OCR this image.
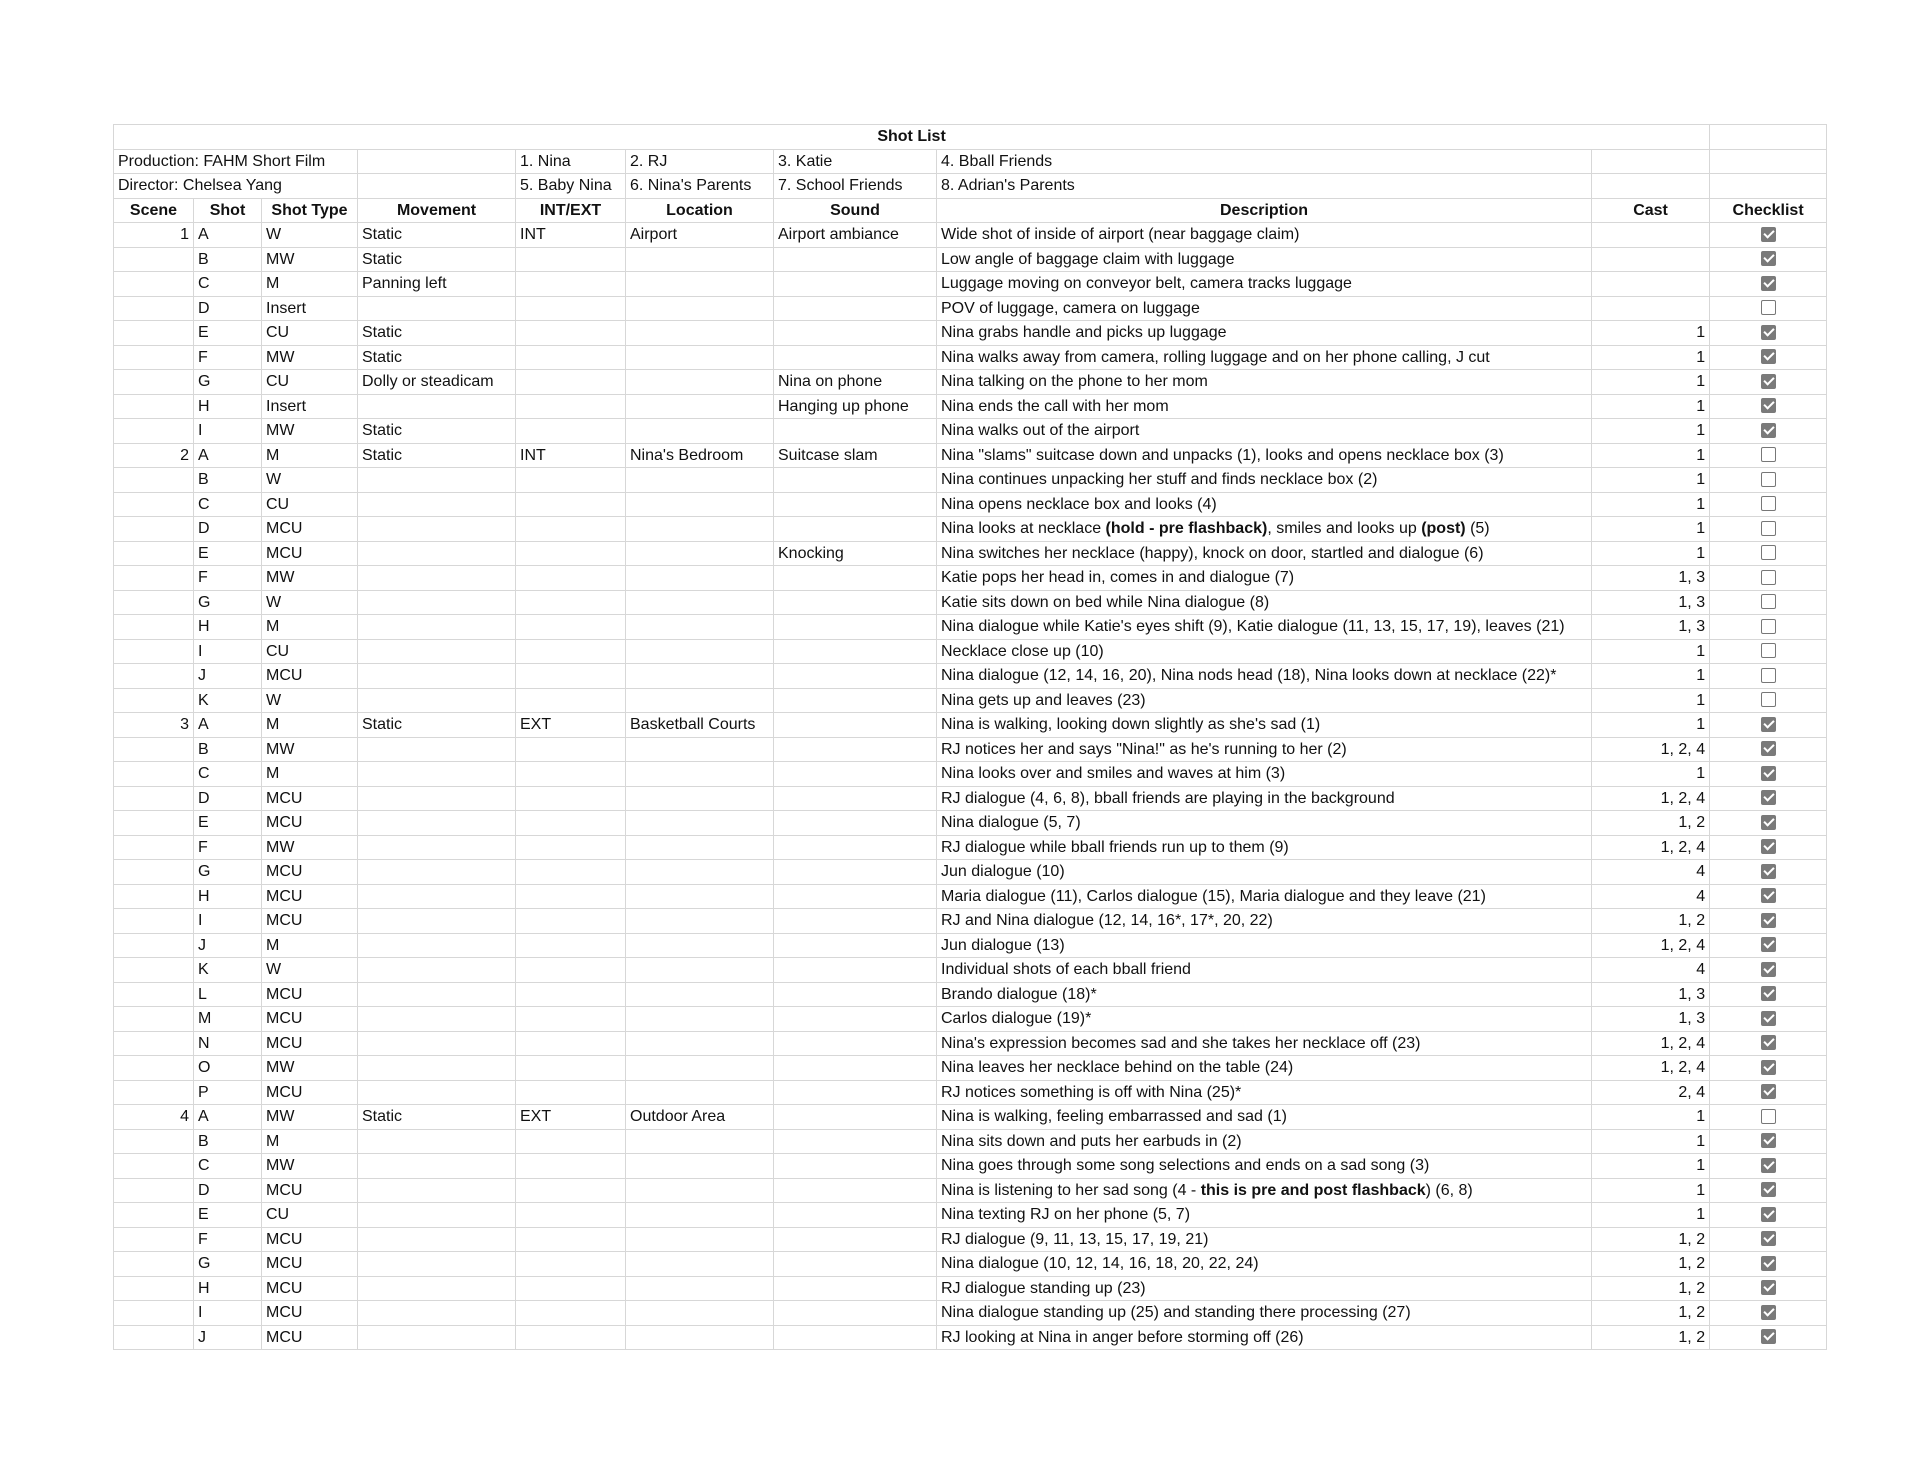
Shot List									
Production: FAHM Short Film				1. Nina	2. RJ	3. Katie	4. Bball Friends		
Director: Chelsea Yang				5. Baby Nina	6. Nina's Parents	7. School Friends	8. Adrian's Parents		
Scene	Shot	Shot Type	Movement	INT/EXT	Location	Sound	Description	Cast	Checklist
1	A	W	Static	INT	Airport	Airport ambiance	Wide shot of inside of airport (near baggage claim)		
	B	MW	Static				Low angle of baggage claim with luggage		
	C	M	Panning left				Luggage moving on conveyor belt, camera tracks luggage		
	D	Insert					POV of luggage, camera on luggage		
	E	CU	Static				Nina grabs handle and picks up luggage	1	
	F	MW	Static				Nina walks away from camera, rolling luggage and on her phone calling, J cut	1	
	G	CU	Dolly or steadicam			Nina on phone	Nina talking on the phone to her mom	1	
	H	Insert				Hanging up phone	Nina ends the call with her mom	1	
	I	MW	Static				Nina walks out of the airport	1	
2	A	M	Static	INT	Nina's Bedroom	Suitcase slam	Nina "slams" suitcase down and unpacks (1), looks and opens necklace box (3)	1	
	B	W					Nina continues unpacking her stuff and finds necklace box (2)	1	
	C	CU					Nina opens necklace box and looks (4)	1	
	D	MCU					Nina looks at necklace (hold - pre flashback), smiles and looks up (post) (5)	1	
	E	MCU				Knocking	Nina switches her necklace (happy), knock on door, startled and dialogue (6)	1	
	F	MW					Katie pops her head in, comes in and dialogue (7)	1, 3	
	G	W					Katie sits down on bed while Nina dialogue (8)	1, 3	
	H	M					Nina dialogue while Katie's eyes shift (9), Katie dialogue (11, 13, 15, 17, 19), leaves (21)	1, 3	
	I	CU					Necklace close up (10)	1	
	J	MCU					Nina dialogue (12, 14, 16, 20), Nina nods head (18), Nina looks down at necklace (22)*	1	
	K	W					Nina gets up and leaves (23)	1	
3	A	M	Static	EXT	Basketball Courts		Nina is walking, looking down slightly as she's sad (1)	1	
	B	MW					RJ notices her and says "Nina!" as he's running to her (2)	1, 2, 4	
	C	M					Nina looks over and smiles and waves at him (3)	1	
	D	MCU					RJ dialogue (4, 6, 8), bball friends are playing in the background	1, 2, 4	
	E	MCU					Nina dialogue (5, 7)	1, 2	
	F	MW					RJ dialogue while bball friends run up to them (9)	1, 2, 4	
	G	MCU					Jun dialogue (10)	4	
	H	MCU					Maria dialogue (11), Carlos dialogue (15), Maria dialogue and they leave (21)	4	
	I	MCU					RJ and Nina dialogue (12, 14, 16*, 17*, 20, 22)	1, 2	
	J	M					Jun dialogue (13)	1, 2, 4	
	K	W					Individual shots of each bball friend	4	
	L	MCU					Brando dialogue (18)*	1, 3	
	M	MCU					Carlos dialogue (19)*	1, 3	
	N	MCU					Nina's expression becomes sad and she takes her necklace off (23)	1, 2, 4	
	O	MW					Nina leaves her necklace behind on the table (24)	1, 2, 4	
	P	MCU					RJ notices something is off with Nina (25)*	2, 4	
4	A	MW	Static	EXT	Outdoor Area		Nina is walking, feeling embarrassed and sad (1)	1	
	B	M					Nina sits down and puts her earbuds in (2)	1	
	C	MW					Nina goes through some song selections and ends on a sad song (3)	1	
	D	MCU					Nina is listening to her sad song (4 - this is pre and post flashback) (6, 8)	1	
	E	CU					Nina texting RJ on her phone (5, 7)	1	
	F	MCU					RJ dialogue (9, 11, 13, 15, 17, 19, 21)	1, 2	
	G	MCU					Nina dialogue (10, 12, 14, 16, 18, 20, 22, 24)	1, 2	
	H	MCU					RJ dialogue standing up (23)	1, 2	
	I	MCU					Nina dialogue standing up (25) and standing there processing (27)	1, 2	
	J	MCU					RJ looking at Nina in anger before storming off (26)	1, 2	
